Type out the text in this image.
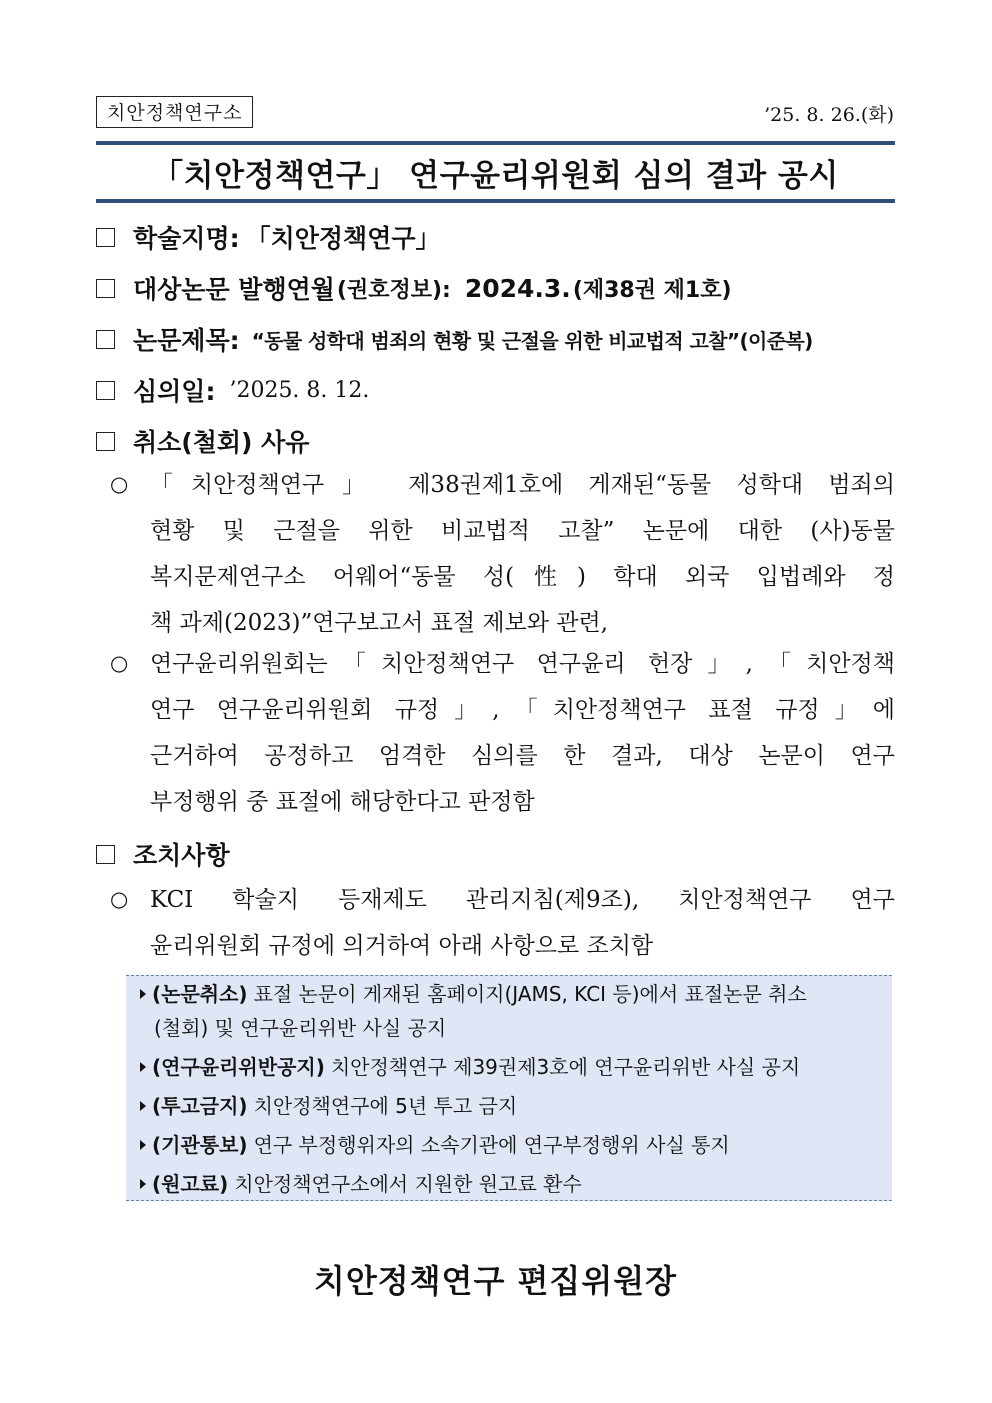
치안정책연구소	’25. 8. 26.(화)
「치안정책연구」 연구윤리위원회 심의 결과 공시
학술지명: 「치안정책연구」
대상논문 발행연월 (권호정보): 2024.3. (제38권 제1호)
논문제목: “동물 성학대 범죄의 현황 및 근절을 위한 비교법적 고찰”(이준복)
심의일: ’2025. 8. 12.
취소(철회) 사유
○ 「치안정책연구」 제38권제1호에 게재된“동물 성학대 범죄의
현황 및 근절을 위한 비교법적 고찰” 논문에 대한 (사)동물
복지문제연구소 어웨어“동물 성(性) 학대 외국 입법례와 정
책 과제(2023)”연구보고서 표절 제보와 관련,
○ 연구윤리위원회는「치안정책연구 연구윤리 헌장」,「치안정책
연구 연구윤리위원회 규정」,「치안정책연구 표절 규정」에
근거하여 공정하고 엄격한 심의를 한 결과, 대상 논문이 연구
부정행위 중 표절에 해당한다고 판정함
조치사항
○ KCI 학술지 등재제도 관리지침(제9조), 치안정책연구 연구
윤리위원회 규정에 의거하여 아래 사항으로 조치함
(논문취소) 표절 논문이 게재된 홈페이지(JAMS, KCI 등)에서 표절논문 취소
(철회) 및 연구윤리위반 사실 공지
(연구윤리위반공지) 치안정책연구 제39권제3호에 연구윤리위반 사실 공지
(투고금지) 치안정책연구에 5년 투고 금지
(기관통보) 연구 부정행위자의 소속기관에 연구부정행위 사실 통지
(원고료) 치안정책연구소에서 지원한 원고료 환수
치안정책연구 편집위원장
